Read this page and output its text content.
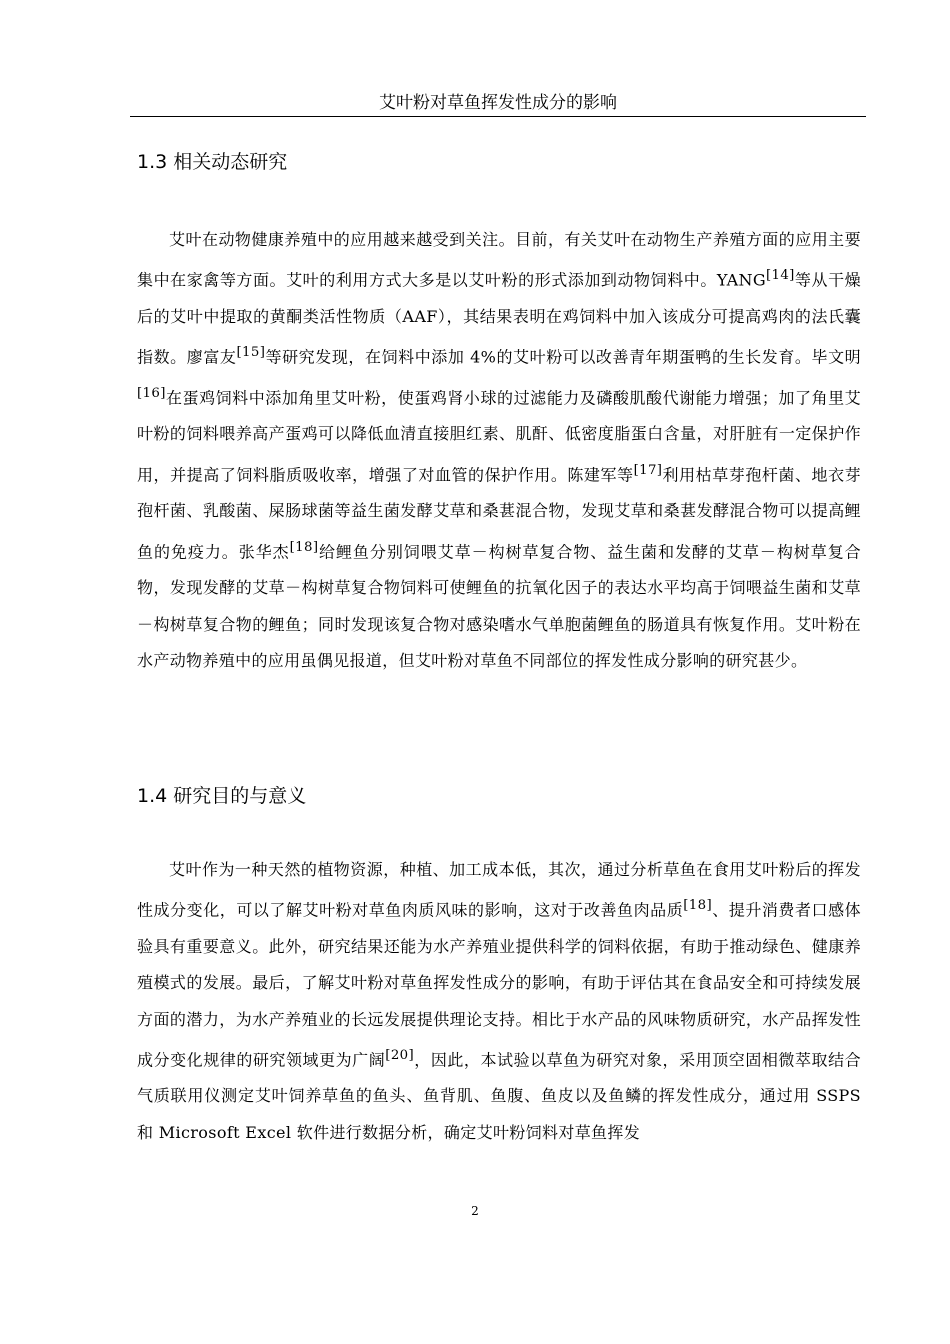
艾叶粉对草鱼挥发性成分的影响
1.3 相关动态研究

艾叶在动物健康养殖中的应用越来越受到关注。目前，有关艾叶在动物生产养殖方面的应用主要集中在家禽等方面。艾叶的利用方式大多是以艾叶粉的形式添加到动物饲料中。YANG[14]等从干燥后的艾叶中提取的黄酮类活性物质（AAF），其结果表明在鸡饲料中加入该成分可提高鸡肉的法氏囊指数。廖富友[15]等研究发现，在饲料中添加 4%的艾叶粉可以改善青年期蛋鸭的生长发育。毕文明[16]在蛋鸡饲料中添加角里艾叶粉，使蛋鸡肾小球的过滤能力及磷酸肌酸代谢能力增强；加了角里艾叶粉的饲料喂养高产蛋鸡可以降低血清直接胆红素、肌酐、低密度脂蛋白含量，对肝脏有一定保护作用，并提高了饲料脂质吸收率，增强了对血管的保护作用。陈建军等[17]利用枯草芽孢杆菌、地衣芽孢杆菌、乳酸菌、屎肠球菌等益生菌发酵艾草和桑葚混合物，发现艾草和桑葚发酵混合物可以提高鲤鱼的免疫力。张华杰[18]给鲤鱼分别饲喂艾草－构树草复合物、益生菌和发酵的艾草－构树草复合物，发现发酵的艾草－构树草复合物饲料可使鲤鱼的抗氧化因子的表达水平均高于饲喂益生菌和艾草－构树草复合物的鲤鱼；同时发现该复合物对感染嗜水气单胞菌鲤鱼的肠道具有恢复作用。艾叶粉在水产动物养殖中的应用虽偶见报道，但艾叶粉对草鱼不同部位的挥发性成分影响的研究甚少。

1.4 研究目的与意义

艾叶作为一种天然的植物资源，种植、加工成本低，其次，通过分析草鱼在食用艾叶粉后的挥发性成分变化，可以了解艾叶粉对草鱼肉质风味的影响，这对于改善鱼肉品质[18]、提升消费者口感体验具有重要意义。此外，研究结果还能为水产养殖业提供科学的饲料依据，有助于推动绿色、健康养殖模式的发展。最后，了解艾叶粉对草鱼挥发性成分的影响，有助于评估其在食品安全和可持续发展方面的潜力，为水产养殖业的长远发展提供理论支持。相比于水产品的风味物质研究，水产品挥发性成分变化规律的研究领域更为广阔[20]，因此，本试验以草鱼为研究对象，采用顶空固相微萃取结合气质联用仪测定艾叶饲养草鱼的鱼头、鱼背肌、鱼腹、鱼皮以及鱼鳞的挥发性成分，通过用 SSPS 和 Microsoft Excel 软件进行数据分析，确定艾叶粉饲料对草鱼挥发

2
